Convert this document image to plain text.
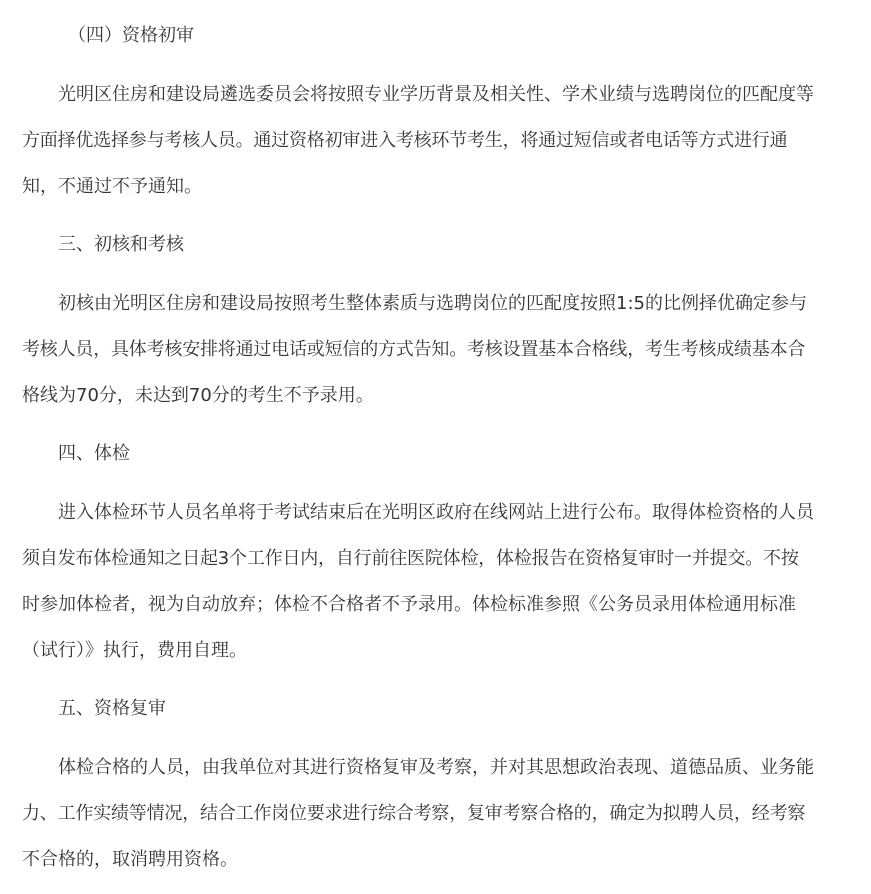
（四）资格初审
光明区住房和建设局遴选委员会将按照专业学历背景及相关性、学术业绩与选聘岗位的匹配度等
方面择优选择参与考核人员。通过资格初审进入考核环节考生，将通过短信或者电话等方式进行通
知，不通过不予通知。
三、初核和考核
初核由光明区住房和建设局按照考生整体素质与选聘岗位的匹配度按照1:5的比例择优确定参与
考核人员，具体考核安排将通过电话或短信的方式告知。考核设置基本合格线，考生考核成绩基本合
格线为70分，未达到70分的考生不予录用。
四、体检
进入体检环节人员名单将于考试结束后在光明区政府在线网站上进行公布。取得体检资格的人员
须自发布体检通知之日起3个工作日内，自行前往医院体检，体检报告在资格复审时一并提交。不按
时参加体检者，视为自动放弃；体检不合格者不予录用。体检标准参照《公务员录用体检通用标准
（试行）》执行，费用自理。
五、资格复审
体检合格的人员，由我单位对其进行资格复审及考察，并对其思想政治表现、道德品质、业务能
力、工作实绩等情况，结合工作岗位要求进行综合考察，复审考察合格的，确定为拟聘人员，经考察
不合格的，取消聘用资格。
